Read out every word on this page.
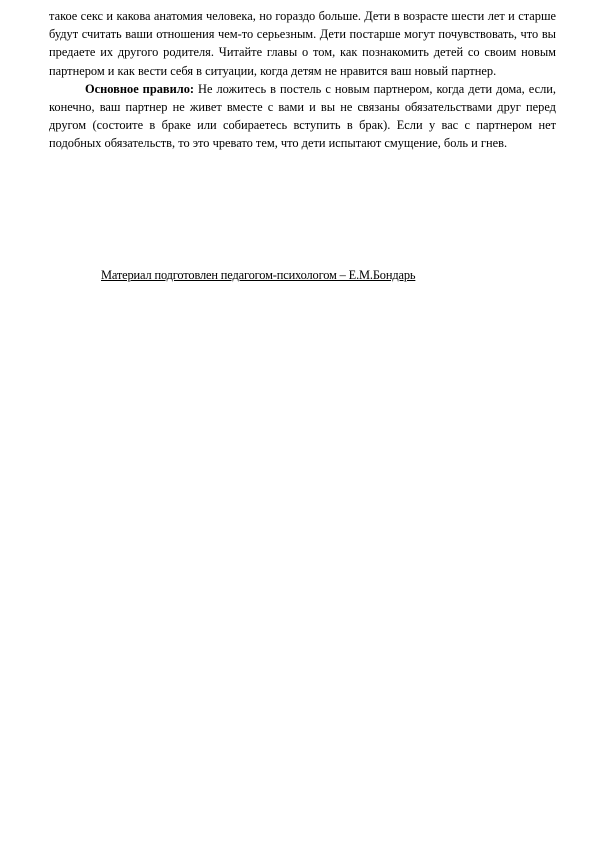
такое секс и какова анатомия человека, но гораздо больше. Дети в возрасте шести лет и старше будут считать ваши отношения чем-то серьезным. Дети постарше могут почувствовать, что вы предаете их другого родителя. Читайте главы о том, как познакомить детей со своим новым партнером и как вести себя в ситуации, когда детям не нравится ваш новый партнер.

Основное правило: Не ложитесь в постель с новым партнером, когда дети дома, если, конечно, ваш партнер не живет вместе с вами и вы не связаны обязательствами друг перед другом (состоите в браке или собираетесь вступить в брак). Если у вас с партнером нет подобных обязательств, то это чревато тем, что дети испытают смущение, боль и гнев.

Материал подготовлен педагогом-психологом – Е.М.Бондарь
